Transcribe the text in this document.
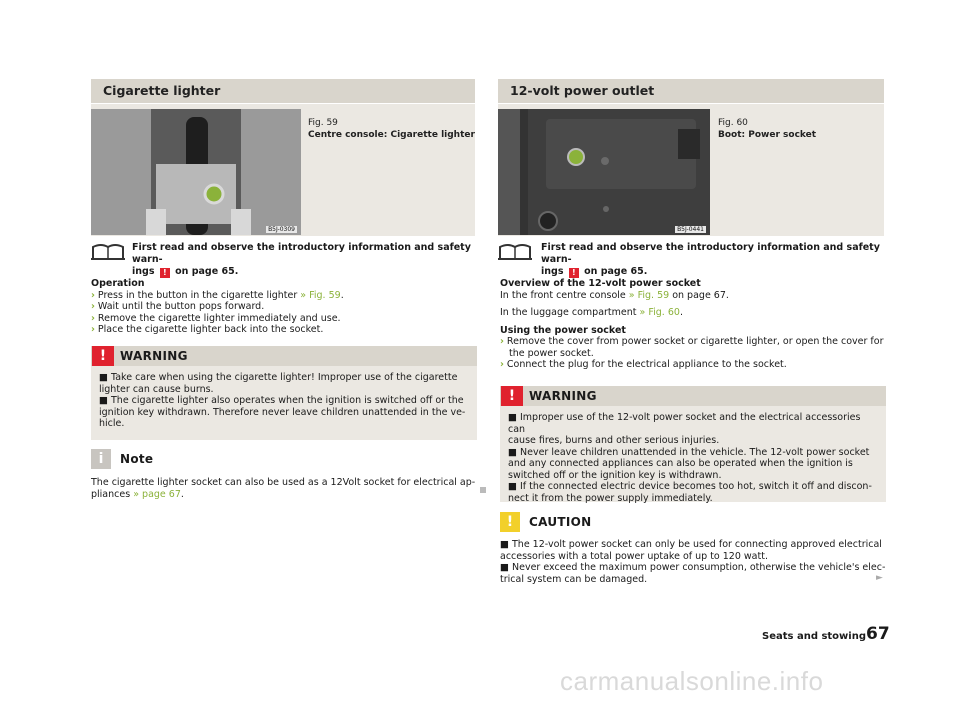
Cigarette lighter
B5J-0309
Fig. 59
Centre console: Cigarette lighter
First read and observe the introductory information and safety warn-
ings ! on page 65.
Operation
› Press in the button in the cigarette lighter » Fig. 59.
› Wait until the button pops forward.
› Remove the cigarette lighter immediately and use.
› Place the cigarette lighter back into the socket.
!	WARNING
■ Take care when using the cigarette lighter! Improper use of the cigarette
lighter can cause burns.
■ The cigarette lighter also operates when the ignition is switched off or the
ignition key withdrawn. Therefore never leave children unattended in the ve-
hicle.
i	Note
The cigarette lighter socket can also be used as a 12Volt socket for electrical ap-
pliances » page 67.
12-volt power outlet
B5J-0441
Fig. 60
Boot: Power socket
First read and observe the introductory information and safety warn-
ings ! on page 65.
Overview of the 12-volt power socket
In the front centre console » Fig. 59 on page 67.
In the luggage compartment » Fig. 60.
Using the power socket
› Remove the cover from power socket or cigarette lighter, or open the cover for
the power socket.
› Connect the plug for the electrical appliance to the socket.
!	WARNING
■ Improper use of the 12-volt power socket and the electrical accessories can
cause fires, burns and other serious injuries.
■ Never leave children unattended in the vehicle. The 12-volt power socket
and any connected appliances can also be operated when the ignition is
switched off or the ignition key is withdrawn.
■ If the connected electric device becomes too hot, switch it off and discon-
nect it from the power supply immediately.
!	CAUTION
■ The 12-volt power socket can only be used for connecting approved electrical
accessories with a total power uptake of up to 120 watt.
■ Never exceed the maximum power consumption, otherwise the vehicle's elec-
trical system can be damaged.	►
Seats and stowing 67
carmanualsonline.info
